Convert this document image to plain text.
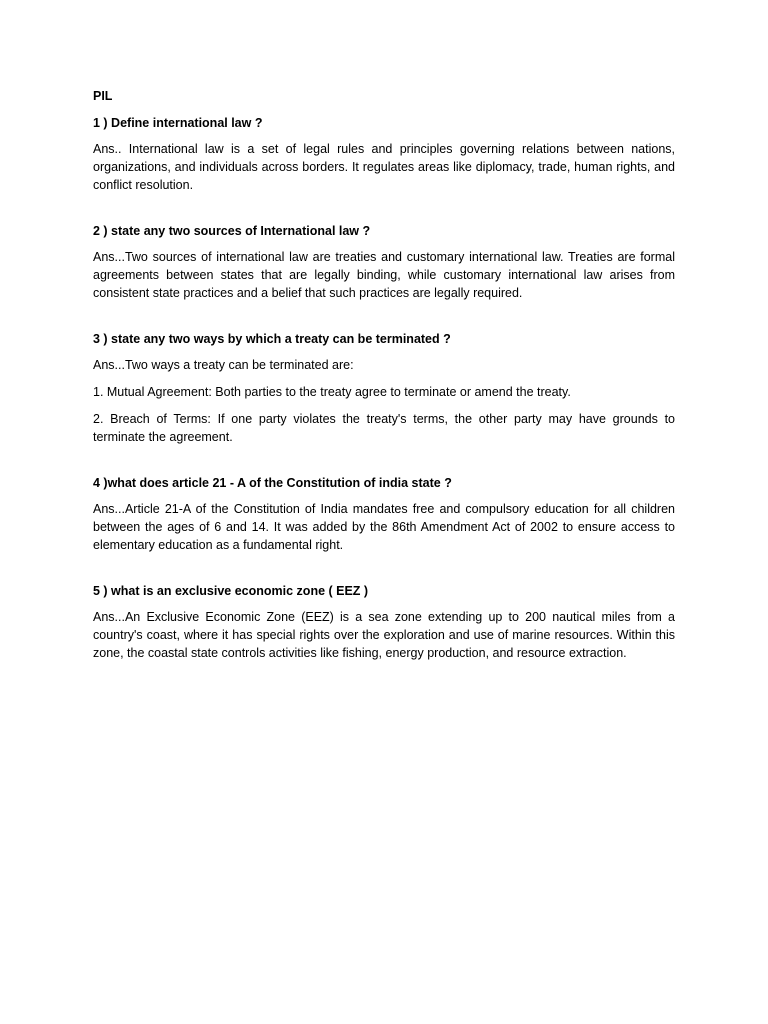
PIL
1 ) Define international law ?
Ans.. International law is a set of legal rules and principles governing relations between nations, organizations, and individuals across borders. It regulates areas like diplomacy, trade, human rights, and conflict resolution.
2 ) state any two sources of International law ?
Ans...Two sources of international law are treaties and customary international law. Treaties are formal agreements between states that are legally binding, while customary international law arises from consistent state practices and a belief that such practices are legally required.
3 ) state any two ways by which a treaty can be terminated ?
Ans...Two ways a treaty can be terminated are:
1. Mutual Agreement: Both parties to the treaty agree to terminate or amend the treaty.
2. Breach of Terms: If one party violates the treaty's terms, the other party may have grounds to terminate the agreement.
4 )what does article 21 - A of the Constitution of india state ?
Ans...Article 21-A of the Constitution of India mandates free and compulsory education for all children between the ages of 6 and 14. It was added by the 86th Amendment Act of 2002 to ensure access to elementary education as a fundamental right.
5 ) what is an exclusive economic zone ( EEZ )
Ans...An Exclusive Economic Zone (EEZ) is a sea zone extending up to 200 nautical miles from a country's coast, where it has special rights over the exploration and use of marine resources. Within this zone, the coastal state controls activities like fishing, energy production, and resource extraction.
